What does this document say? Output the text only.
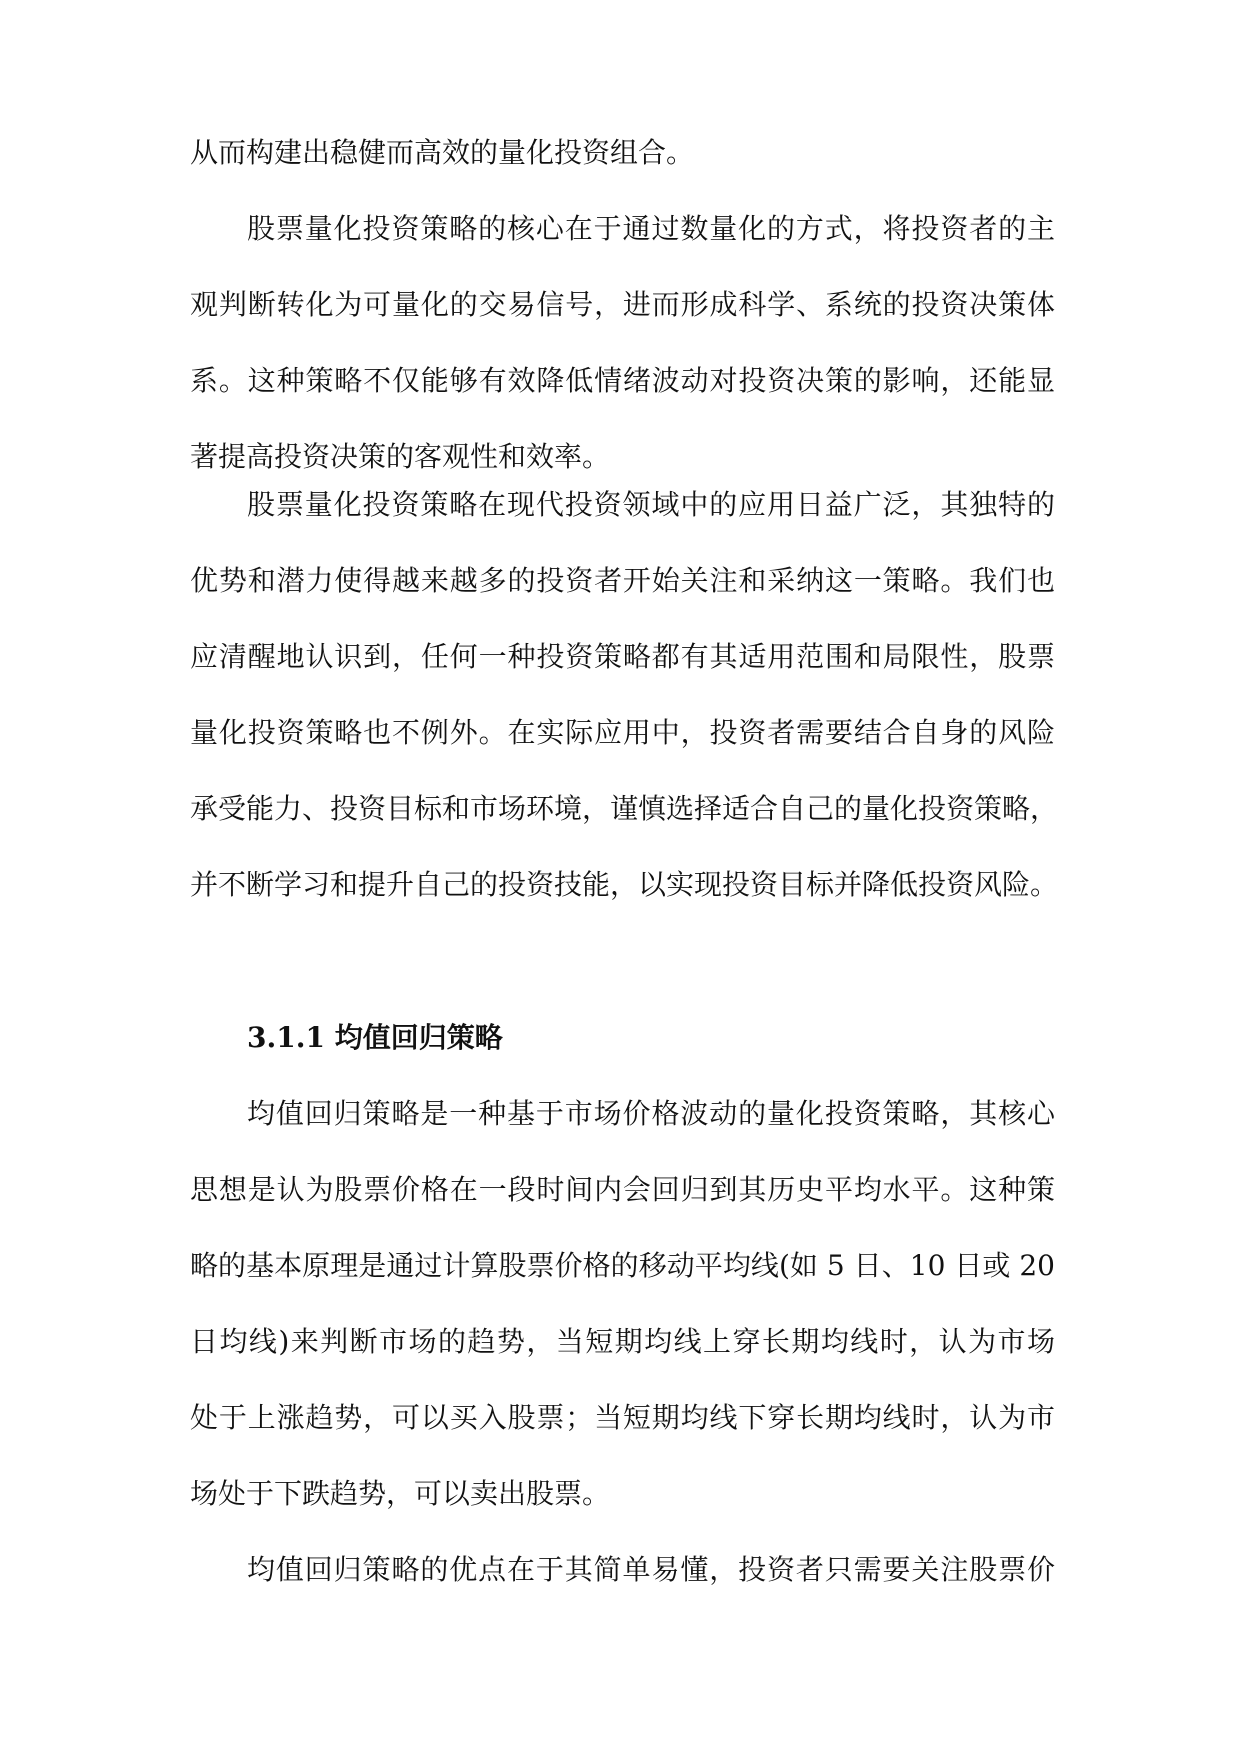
从而构建出稳健而高效的量化投资组合。
股票量化投资策略的核心在于通过数量化的方式，将投资者的主
观判断转化为可量化的交易信号，进而形成科学、系统的投资决策体
系。这种策略不仅能够有效降低情绪波动对投资决策的影响，还能显
著提高投资决策的客观性和效率。
股票量化投资策略在现代投资领域中的应用日益广泛，其独特的
优势和潜力使得越来越多的投资者开始关注和采纳这一策略。我们也
应清醒地认识到，任何一种投资策略都有其适用范围和局限性，股票
量化投资策略也不例外。在实际应用中，投资者需要结合自身的风险
承受能力、投资目标和市场环境，谨慎选择适合自己的量化投资策略，
并不断学习和提升自己的投资技能，以实现投资目标并降低投资风险。
3.1.1 均值回归策略
均值回归策略是一种基于市场价格波动的量化投资策略，其核心
思想是认为股票价格在一段时间内会回归到其历史平均水平。这种策
略的基本原理是通过计算股票价格的移动平均线(如 5 日、10 日或 20
日均线)来判断市场的趋势，当短期均线上穿长期均线时，认为市场
处于上涨趋势，可以买入股票；当短期均线下穿长期均线时，认为市
场处于下跌趋势，可以卖出股票。
均值回归策略的优点在于其简单易懂，投资者只需要关注股票价
